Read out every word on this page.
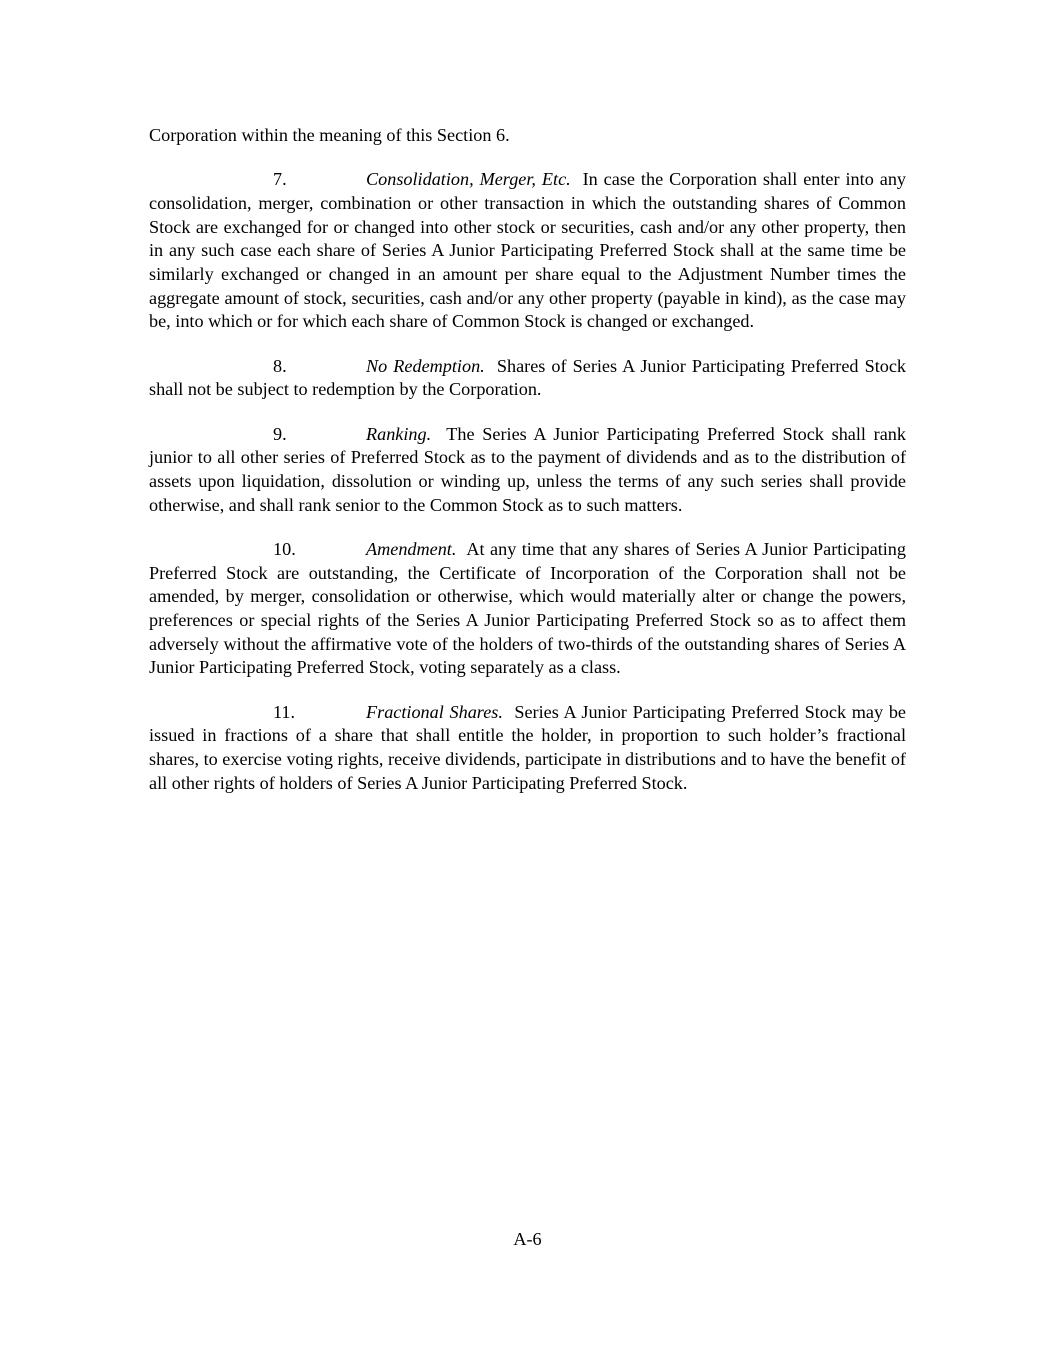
Corporation within the meaning of this Section 6.

7.	Consolidation, Merger, Etc. In case the Corporation shall enter into any consolidation, merger, combination or other transaction in which the outstanding shares of Common Stock are exchanged for or changed into other stock or securities, cash and/or any other property, then in any such case each share of Series A Junior Participating Preferred Stock shall at the same time be similarly exchanged or changed in an amount per share equal to the Adjustment Number times the aggregate amount of stock, securities, cash and/or any other property (payable in kind), as the case may be, into which or for which each share of Common Stock is changed or exchanged.

8.	No Redemption. Shares of Series A Junior Participating Preferred Stock shall not be subject to redemption by the Corporation.

9.	Ranking. The Series A Junior Participating Preferred Stock shall rank junior to all other series of Preferred Stock as to the payment of dividends and as to the distribution of assets upon liquidation, dissolution or winding up, unless the terms of any such series shall provide otherwise, and shall rank senior to the Common Stock as to such matters.

10.	Amendment. At any time that any shares of Series A Junior Participating Preferred Stock are outstanding, the Certificate of Incorporation of the Corporation shall not be amended, by merger, consolidation or otherwise, which would materially alter or change the powers, preferences or special rights of the Series A Junior Participating Preferred Stock so as to affect them adversely without the affirmative vote of the holders of two-thirds of the outstanding shares of Series A Junior Participating Preferred Stock, voting separately as a class.

11.	Fractional Shares. Series A Junior Participating Preferred Stock may be issued in fractions of a share that shall entitle the holder, in proportion to such holder’s fractional shares, to exercise voting rights, receive dividends, participate in distributions and to have the benefit of all other rights of holders of Series A Junior Participating Preferred Stock.

A-6
